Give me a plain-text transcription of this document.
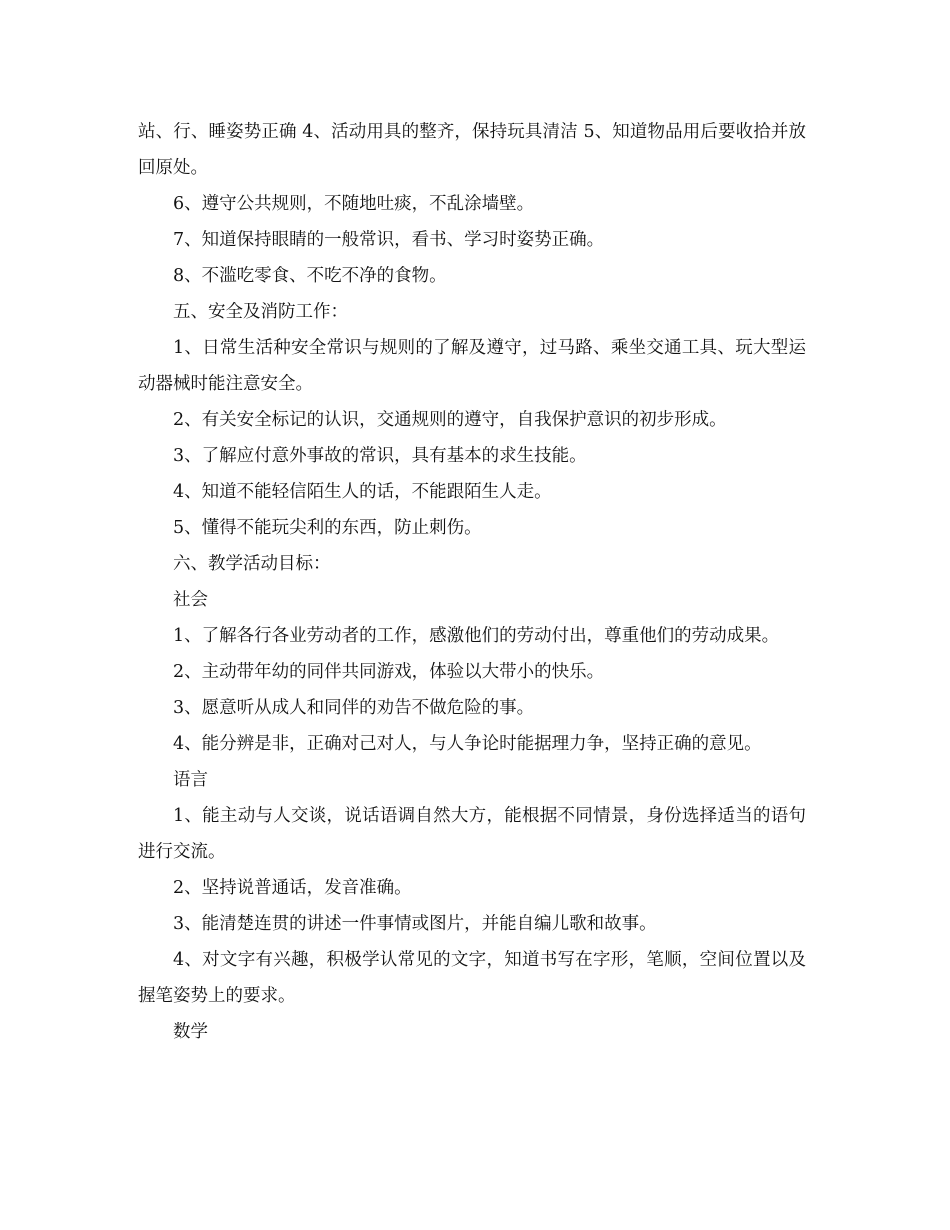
站、行、睡姿势正确 4、活动用具的整齐，保持玩具清洁 5、知道物品用后要收拾并放回原处。

6、遵守公共规则，不随地吐痰，不乱涂墙壁。

7、知道保持眼睛的一般常识，看书、学习时姿势正确。

8、不滥吃零食、不吃不净的食物。

五、安全及消防工作：

1、日常生活种安全常识与规则的了解及遵守，过马路、乘坐交通工具、玩大型运动器械时能注意安全。

2、有关安全标记的认识，交通规则的遵守，自我保护意识的初步形成。

3、了解应付意外事故的常识，具有基本的求生技能。

4、知道不能轻信陌生人的话，不能跟陌生人走。

5、懂得不能玩尖利的东西，防止刺伤。

六、教学活动目标：

社会

1、了解各行各业劳动者的工作，感激他们的劳动付出，尊重他们的劳动成果。

2、主动带年幼的同伴共同游戏，体验以大带小的快乐。

3、愿意听从成人和同伴的劝告不做危险的事。

4、能分辨是非，正确对己对人，与人争论时能据理力争，坚持正确的意见。

语言

1、能主动与人交谈，说话语调自然大方，能根据不同情景，身份选择适当的语句进行交流。

2、坚持说普通话，发音准确。

3、能清楚连贯的讲述一件事情或图片，并能自编儿歌和故事。

4、对文字有兴趣，积极学认常见的文字，知道书写在字形，笔顺，空间位置以及握笔姿势上的要求。

数学
